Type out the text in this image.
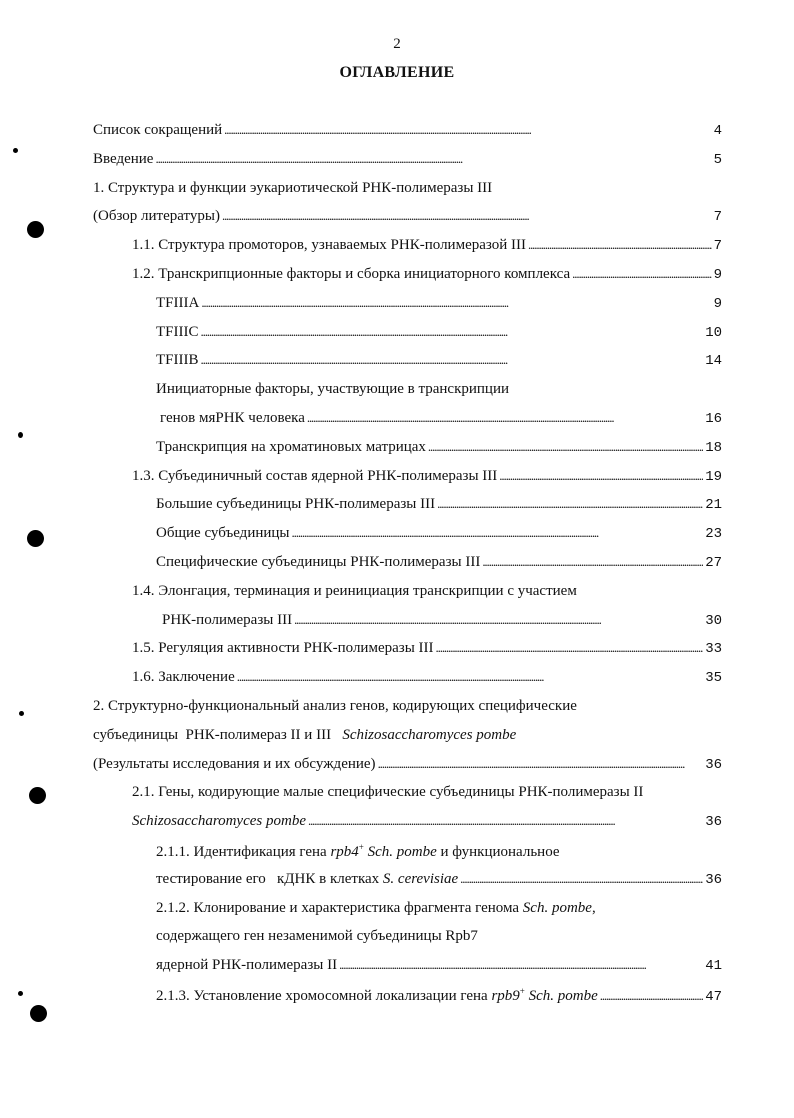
2
ОГЛАВЛЕНИЕ
Список сокращений . . .	4
Введение . . .	5
1. Структура и функции эукариотической РНК-полимеразы III
(Обзор литературы) . . .	7
1.1. Структура промоторов, узнаваемых РНК-полимеразой III . . .	7
1.2. Транскрипционные факторы и сборка инициаторного комплекса . . .	9
TFIIIA . . .	9
TFIIIC . . .	10
TFIIIB . . .	14
Инициаторные факторы, участвующие в транскрипции
генов мяРНК человека . . .	16
Транскрипция на хроматиновых матрицах . . .	18
1.3. Субъединичный состав ядерной РНК-полимеразы III . . .	19
Большие субъединицы РНК-полимеразы III . . .	21
Общие субъединицы . . .	23
Специфические субъединицы РНК-полимеразы III . . .	27
1.4. Элонгация, терминация и реинициация транскрипции с участием
РНК-полимеразы III . . .	30
1.5. Регуляция активности РНК-полимеразы III . . .	33
1.6. Заключение . . .	35
2. Структурно-функциональный анализ генов, кодирующих специфические
субъединицы  РНК-полимераз II и III   Schizosaccharomyces pombe
(Результаты исследования и их обсуждение) . . .	36
2.1. Гены, кодирующие малые специфические субъединицы РНК-полимеразы II
Schizosaccharomyces pombe . . .	36
2.1.1. Идентификация гена rpb4+ Sch. pombe и функциональное
тестирование его   кДНК в клетках S. cerevisiae . . .	36
2.1.2. Клонирование и характеристика фрагмента генома Sch. pombe,
содержащего ген незаменимой субъединицы Rpb7
ядерной РНК-полимеразы II . . .	41
2.1.3. Установление хромосомной локализации гена rpb9+ Sch. pombe . . .	47
